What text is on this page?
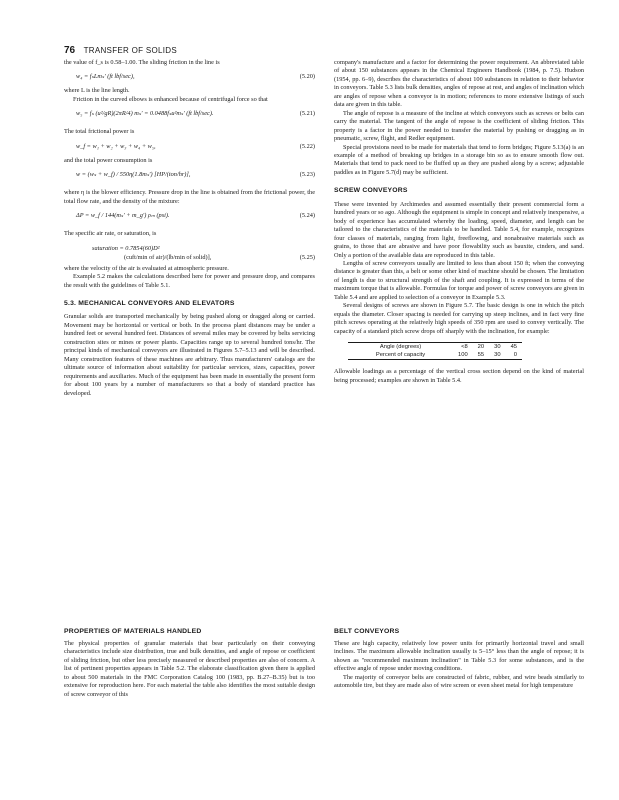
76 TRANSFER OF SOLIDS

the value of f_s is 0.58–1.00. The sliding friction in the line is

w₄ = fₛLmₛ′ (ft lbf/sec),	(5.20)

where L is the line length.

Friction in the curved elbows is enhanced because of centrifugal force so that

w₅ = fₛ (u²/gR)(2πR/4) mₛ′ = 0.0488fₛu²mₛ′ (ft lbf/sec).	(5.21)

The total frictional power is

w_f = w₁ + w₂ + w₃ + w₄ + w₅,	(5.22)

and the total power consumption is

w = (wₛ + w_f) / 550η(1.8mₛ′) [HP/(ton/hr)],	(5.23)

where η is the blower efficiency. Pressure drop in the line is obtained from the frictional power, the total flow rate, and the density of the mixture:

ΔP = w_f / 144(mₛ′ + m_g′) ρₘ (psi).	(5.24)

The specific air rate, or saturation, is

saturation = 0.7854(60)D²
(cuft/min of air)/(lb/min of solid)],	(5.25)

where the velocity of the air is evaluated at atmospheric pressure.

Example 5.2 makes the calculations described here for power and pressure drop, and compares the result with the guidelines of Table 5.1.

5.3. MECHANICAL CONVEYORS AND ELEVATORS

Granular solids are transported mechanically by being pushed along or dragged along or carried. Movement may be horizontal or vertical or both. In the process plant distances may be under a hundred feet or several hundred feet. Distances of several miles may be covered by belts servicing construction sites or mines or power plants. Capacities range up to several hundred tons/hr. The principal kinds of mechanical conveyors are illustrated in Figures 5.7–5.13 and will be described. Many construction features of these machines are arbitrary. Thus manufacturers' catalogs are the ultimate source of information about suitability for particular services, sizes, capacities, power requirements and auxiliaries. Much of the equipment has been made in essentially the present form for about 100 years by a number of manufacturers so that a body of standard practice has developed.

PROPERTIES OF MATERIALS HANDLED

The physical properties of granular materials that bear particularly on their conveying characteristics include size distribution, true and bulk densities, and angle of repose or coefficient of sliding friction, but other less precisely measured or described properties are also of concern. A list of pertinent properties appears in Table 5.2. The elaborate classification given there is applied to about 500 materials in the FMC Corporation Catalog 100 (1983, pp. B.27–B.35) but is too extensive for reproduction here. For each material the table also identifies the most suitable design of screw conveyor of this

company's manufacture and a factor for determining the power requirement. An abbreviated table of about 150 substances appears in the Chemical Engineers Handbook (1984, p. 7.5). Hudson (1954, pp. 6–9), describes the characteristics of about 100 substances in relation to their behavior in conveyors. Table 5.3 lists bulk densities, angles of repose at rest, and angles of inclination which are angles of repose when a conveyor is in motion; references to more extensive listings of such data are given in this table.

The angle of repose is a measure of the incline at which conveyors such as screws or belts can carry the material. The tangent of the angle of repose is the coefficient of sliding friction. This property is a factor in the power needed to transfer the material by pushing or dragging as in pneumatic, screw, flight, and Redler equipment.

Special provisions need to be made for materials that tend to form bridges; Figure 5.13(a) is an example of a method of breaking up bridges in a storage bin so as to ensure smooth flow out. Materials that tend to pack need to be fluffed up as they are pushed along by a screw; adjustable paddles as in Figure 5.7(d) may be sufficient.

SCREW CONVEYORS

These were invented by Archimedes and assumed essentially their present commercial form a hundred years or so ago. Although the equipment is simple in concept and relatively inexpensive, a body of experience has accumulated whereby the loading, speed, diameter, and length can be tailored to the characteristics of the materials to be handled. Table 5.4, for example, recognizes four classes of materials, ranging from light, freeflowing, and nonabrasive materials such as grains, to those that are abrasive and have poor flowability such as bauxite, cinders, and sand. Only a portion of the available data are reproduced in this table.

Lengths of screw conveyors usually are limited to less than about 150 ft; when the conveying distance is greater than this, a belt or some other kind of machine should be chosen. The limitation of length is due to structural strength of the shaft and coupling. It is expressed in terms of the maximum torque that is allowable. Formulas for torque and power of screw conveyors are given in Table 5.4 and are applied to selection of a conveyor in Example 5.3.

Several designs of screws are shown in Figure 5.7. The basic design is one in which the pitch equals the diameter. Closer spacing is needed for carrying up steep inclines, and in fact very fine pitch screws operating at the relatively high speeds of 350 rpm are used to convey vertically. The capacity of a standard pitch screw drops off sharply with the inclination, for example:

Angle (degrees)	<8	20	30	45
Percent of capacity	100	55	30	0

Allowable loadings as a percentage of the vertical cross section depend on the kind of material being processed; examples are shown in Table 5.4.

BELT CONVEYORS

These are high capacity, relatively low power units for primarily horizontal travel and small inclines. The maximum allowable inclination usually is 5–15° less than the angle of repose; it is shown as "recommended maximum inclination" in Table 5.3 for some substances, and is the effective angle of repose under moving conditions.

The majority of conveyor belts are constructed of fabric, rubber, and wire beads similarly to automobile tire, but they are made also of wire screen or even sheet metal for high temperature
